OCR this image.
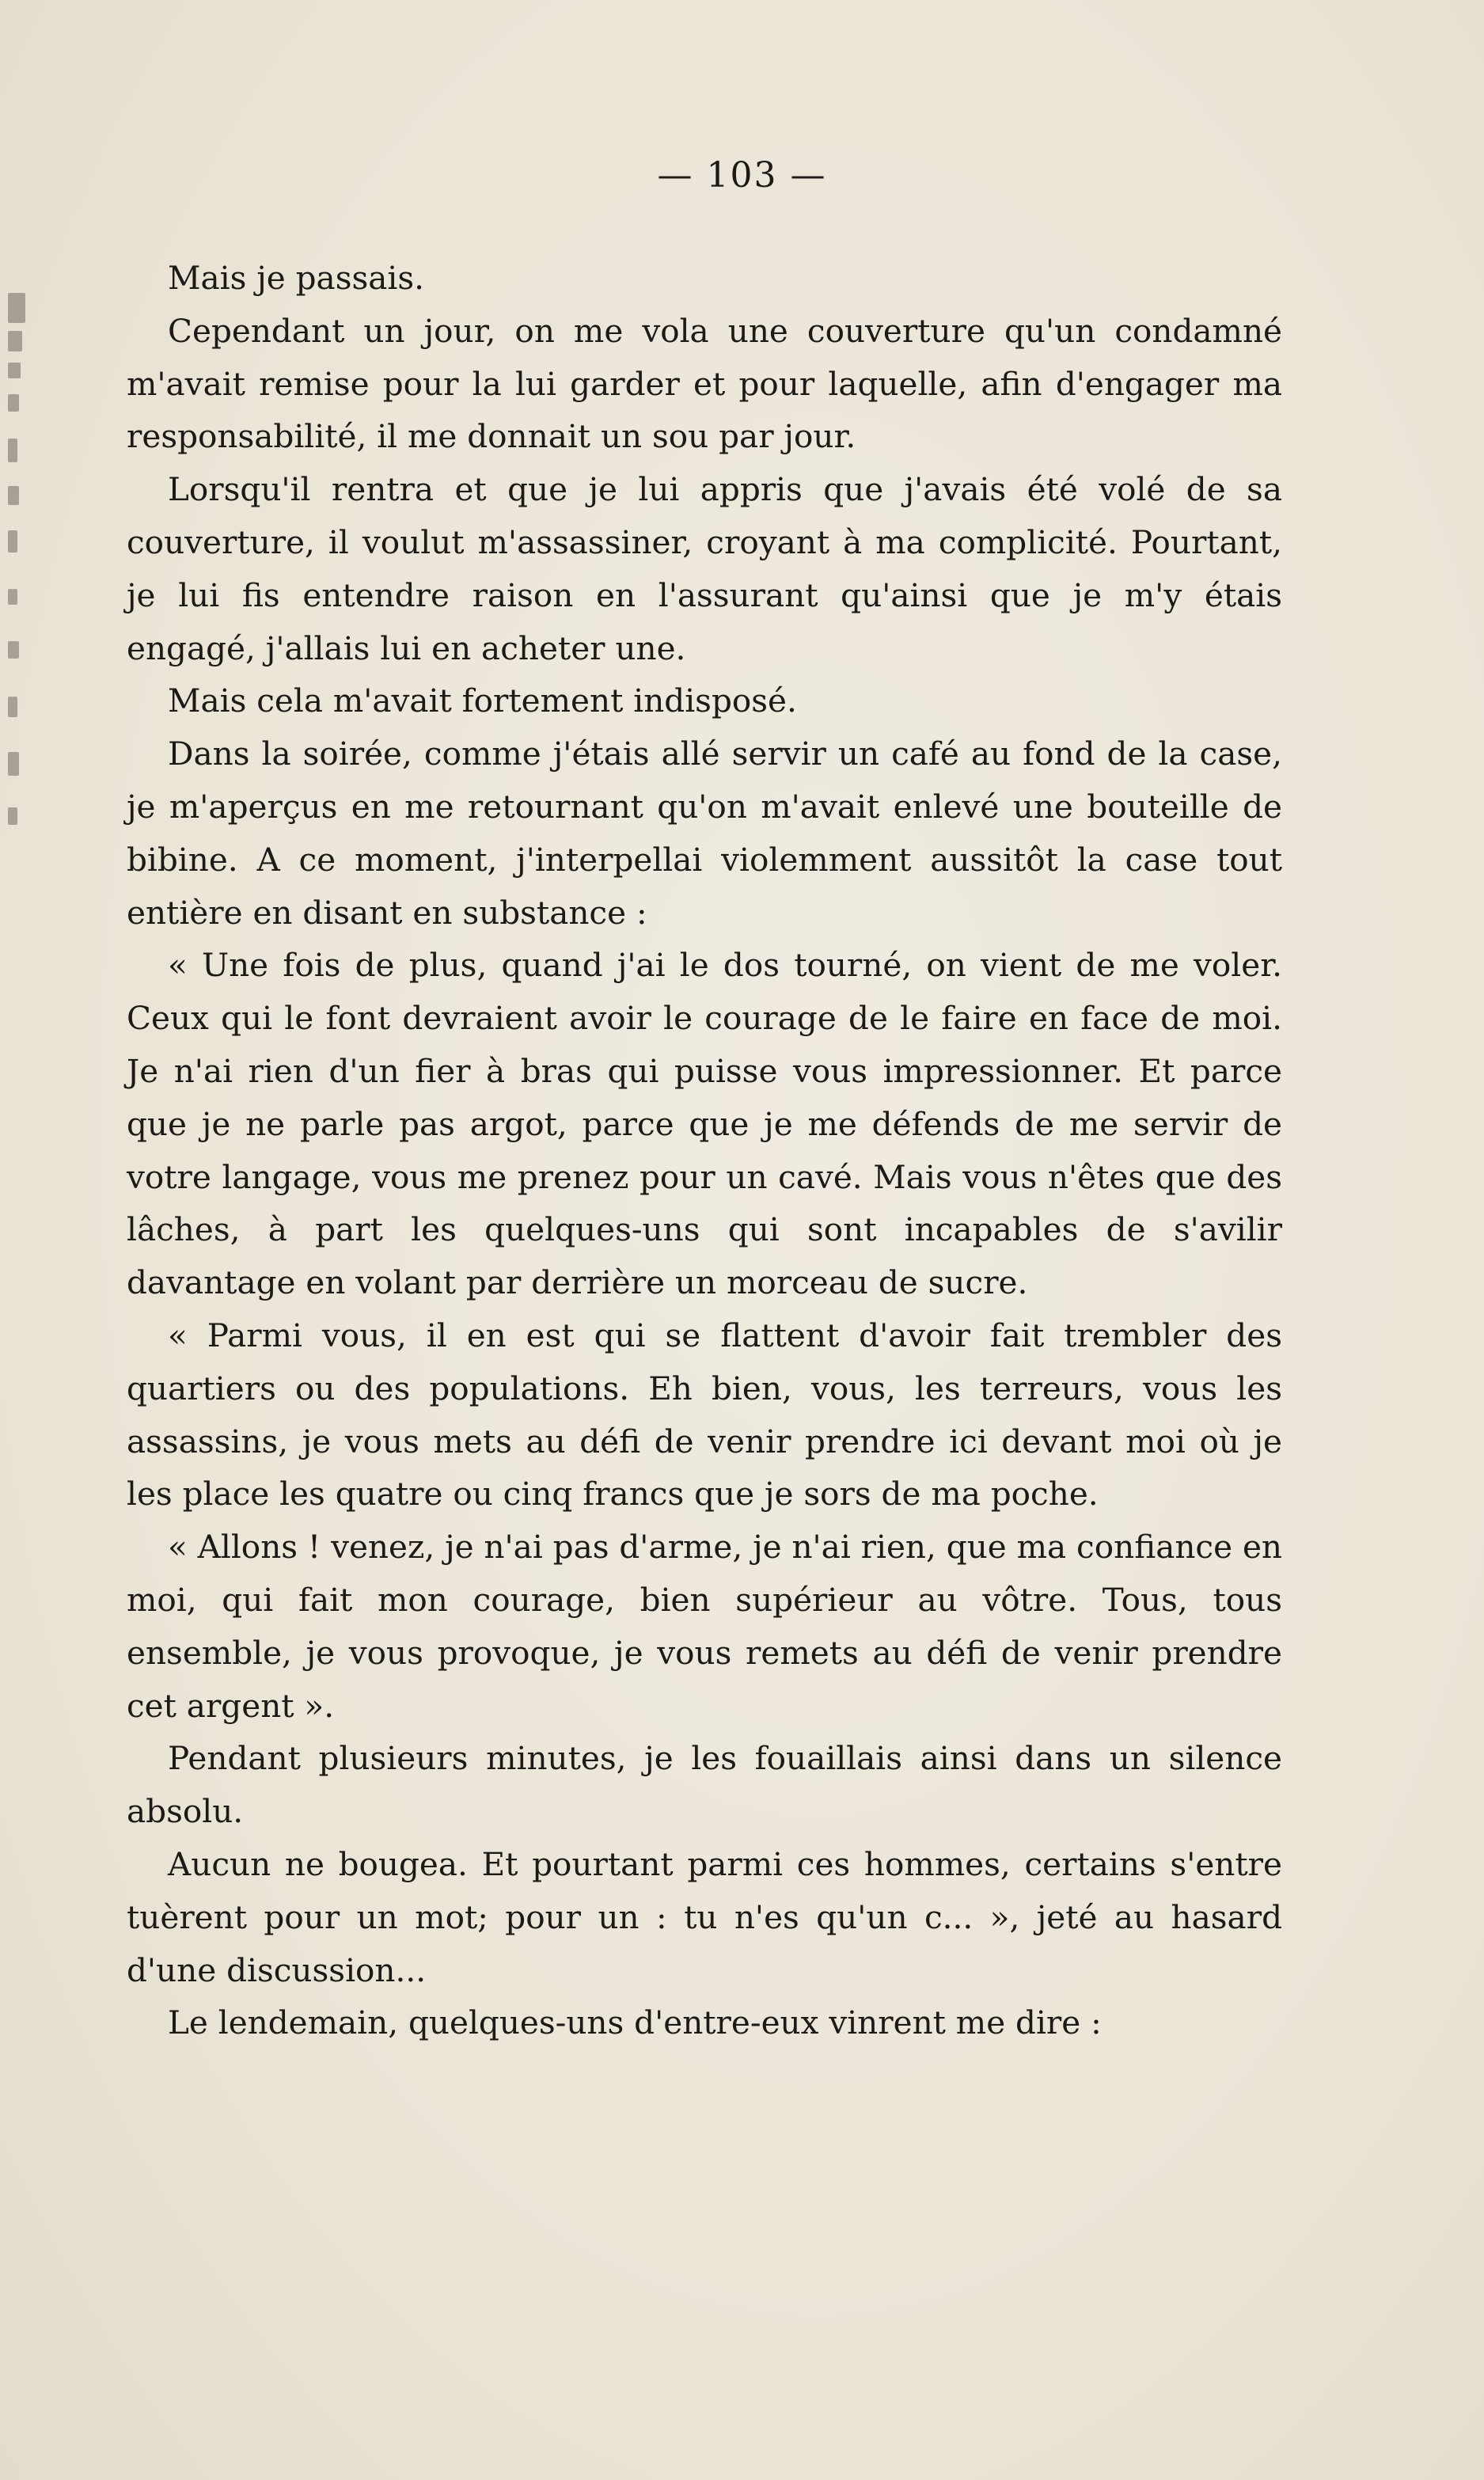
— 103 —

Mais je passais.

Cependant un jour, on me vola une couverture qu'un condamné m'avait remise pour la lui garder et pour laquelle, afin d'engager ma responsabilité, il me donnait un sou par jour.

Lorsqu'il rentra et que je lui appris que j'avais été volé de sa couverture, il voulut m'assassiner, croyant à ma complicité. Pourtant, je lui fis entendre raison en l'assurant qu'ainsi que je m'y étais engagé, j'allais lui en acheter une.

Mais cela m'avait fortement indisposé.

Dans la soirée, comme j'étais allé servir un café au fond de la case, je m'aperçus en me retournant qu'on m'avait enlevé une bouteille de bibine. A ce moment, j'interpellai violemment aussitôt la case tout entière en disant en substance :

« Une fois de plus, quand j'ai le dos tourné, on vient de me voler. Ceux qui le font devraient avoir le courage de le faire en face de moi. Je n'ai rien d'un fier à bras qui puisse vous impressionner. Et parce que je ne parle pas argot, parce que je me défends de me servir de votre langage, vous me prenez pour un cavé. Mais vous n'êtes que des lâches, à part les quelques-uns qui sont incapables de s'avilir davantage en volant par derrière un morceau de sucre.

« Parmi vous, il en est qui se flattent d'avoir fait trembler des quartiers ou des populations. Eh bien, vous, les terreurs, vous les assassins, je vous mets au défi de venir prendre ici devant moi où je les place les quatre ou cinq francs que je sors de ma poche.

« Allons ! venez, je n'ai pas d'arme, je n'ai rien, que ma confiance en moi, qui fait mon courage, bien supérieur au vôtre. Tous, tous ensemble, je vous provoque, je vous remets au défi de venir prendre cet argent ».

Pendant plusieurs minutes, je les fouaillais ainsi dans un silence absolu.

Aucun ne bougea. Et pourtant parmi ces hommes, certains s'entre tuèrent pour un mot; pour un : tu n'es qu'un c... », jeté au hasard d'une discussion...

Le lendemain, quelques-uns d'entre-eux vinrent me dire :
